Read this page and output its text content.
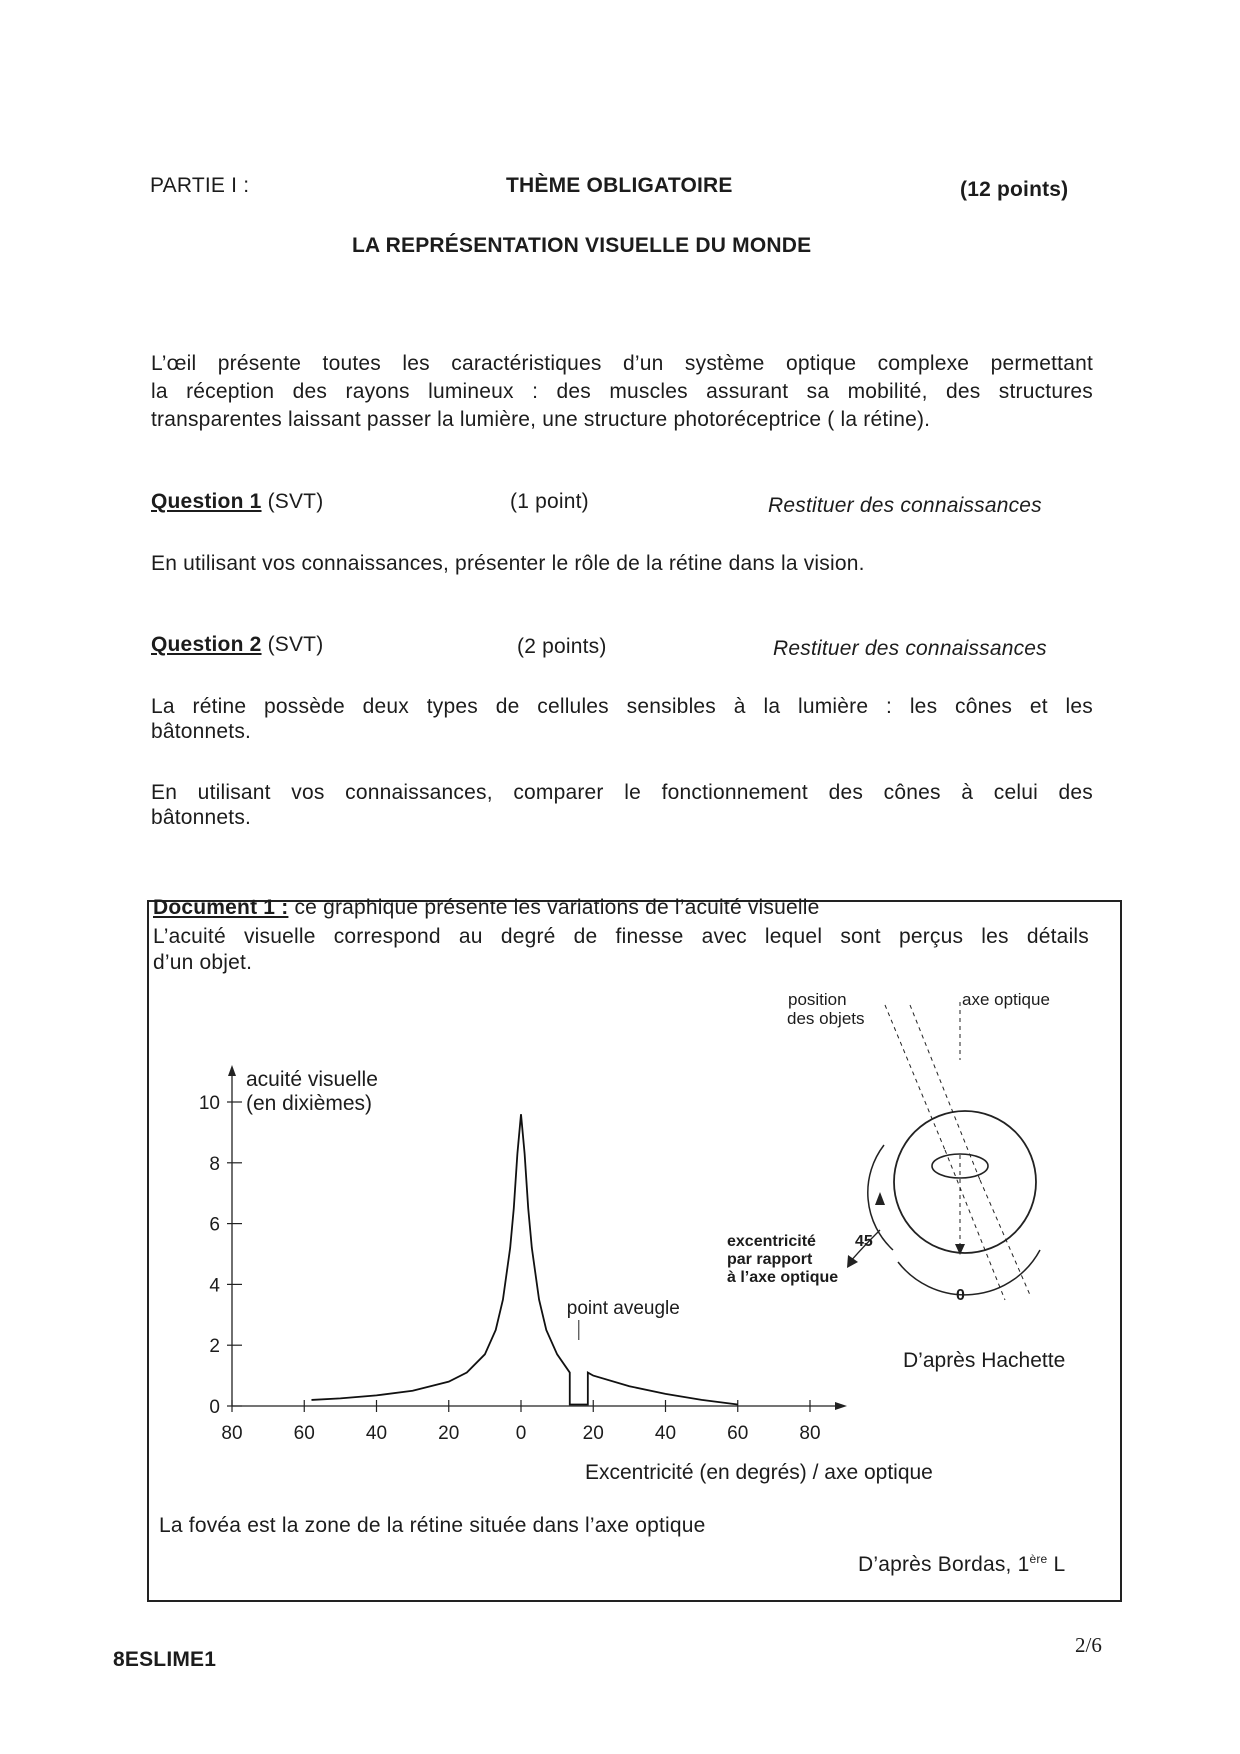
PARTIE I :	THÈME OBLIGATOIRE	(12 points)
LA REPRÉSENTATION VISUELLE DU MONDE
L’œil présente toutes les caractéristiques d’un système optique complexe permettant
la réception des rayons lumineux : des muscles assurant sa mobilité, des structures
transparentes laissant passer la lumière, une structure photoréceptrice ( la rétine).
Question 1 (SVT)	(1 point)	Restituer des connaissances
En utilisant vos connaissances, présenter le rôle de la rétine dans la vision.
Question 2 (SVT)	(2 points)	Restituer des connaissances
La rétine possède deux types de cellules sensibles à la lumière : les cônes et les
bâtonnets.
En utilisant vos connaissances, comparer le fonctionnement des cônes à celui des
bâtonnets.
Document 1 : ce graphique présente les variations de l’acuité visuelle
L’acuité visuelle correspond au degré de finesse avec lequel sont perçus les détails
d’un objet.
0
2
4
6
8
10
80	60	40	20	0	20	40	60	80
acuité visuelle
(en dixièmes)
Excentricité (en degrés) / axe optique
point aveugle
position
des objets
axe optique
excentricité
par rapport
à l’axe optique
45
0
D’après Hachette
La fovéa est la zone de la rétine située dans l’axe optique
D’après Bordas, 1ère L
8ESLIME1
2/6
